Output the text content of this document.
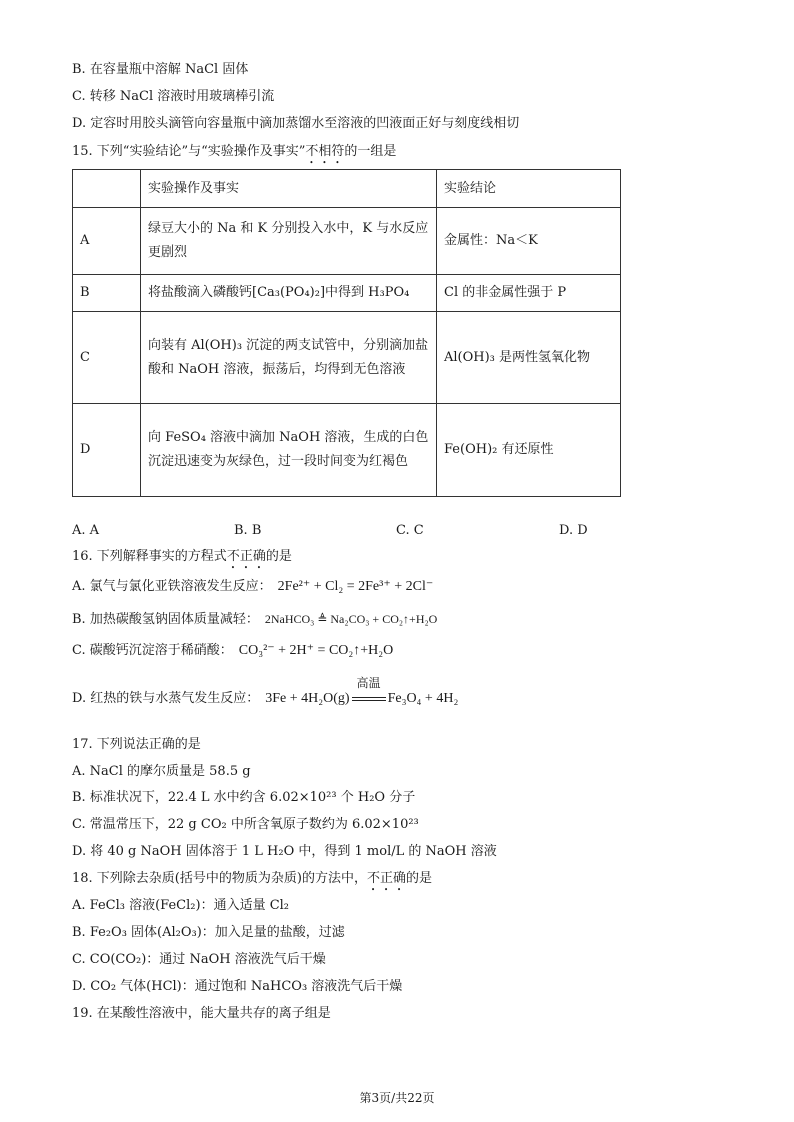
B. 在容量瓶中溶解 NaCl 固体
C. 转移 NaCl 溶液时用玻璃棒引流
D. 定容时用胶头滴管向容量瓶中滴加蒸馏水至溶液的凹液面正好与刻度线相切
15. 下列“实验结论”与“实验操作及事实”不相符的一组是
	实验操作及事实	实验结论
A	绿豆大小的 Na 和 K 分别投入水中，K 与水反应更剧烈	金属性：Na＜K
B	将盐酸滴入磷酸钙[Ca₃(PO₄)₂]中得到 H₃PO₄	Cl 的非金属性强于 P
C	向装有 Al(OH)₃ 沉淀的两支试管中，分别滴加盐酸和 NaOH 溶液，振荡后，均得到无色溶液	Al(OH)₃ 是两性氢氧化物
D	向 FeSO₄ 溶液中滴加 NaOH 溶液，生成的白色沉淀迅速变为灰绿色，过一段时间变为红褐色	Fe(OH)₂ 有还原性
A. A	B. B	C. C	D. D
16. 下列解释事实的方程式不正确的是
A. 氯气与氯化亚铁溶液发生反应： 2Fe²⁺ + Cl₂ = 2Fe³⁺ + 2Cl⁻
B. 加热碳酸氢钠固体质量减轻： 2NaHCO₃ ≜ Na₂CO₃ + CO₂↑+H₂O
C. 碳酸钙沉淀溶于稀硝酸： CO₃²⁻ + 2H⁺ = CO₂↑+H₂O
D. 红热的铁与水蒸气发生反应： 3Fe + 4H₂O(g)
高温
Fe₃O₄ + 4H₂
17. 下列说法正确的是
A. NaCl 的摩尔质量是 58.5 g
B. 标准状况下，22.4 L 水中约含 6.02×10²³ 个 H₂O 分子
C. 常温常压下，22 g CO₂ 中所含氧原子数约为 6.02×10²³
D. 将 40 g NaOH 固体溶于 1 L H₂O 中，得到 1 mol/L 的 NaOH 溶液
18. 下列除去杂质(括号中的物质为杂质)的方法中，不正确的是
A. FeCl₃ 溶液(FeCl₂)：通入适量 Cl₂
B. Fe₂O₃ 固体(Al₂O₃)：加入足量的盐酸，过滤
C. CO(CO₂)：通过 NaOH 溶液洗气后干燥
D. CO₂ 气体(HCl)：通过饱和 NaHCO₃ 溶液洗气后干燥
19. 在某酸性溶液中，能大量共存的离子组是
第3页/共22页
